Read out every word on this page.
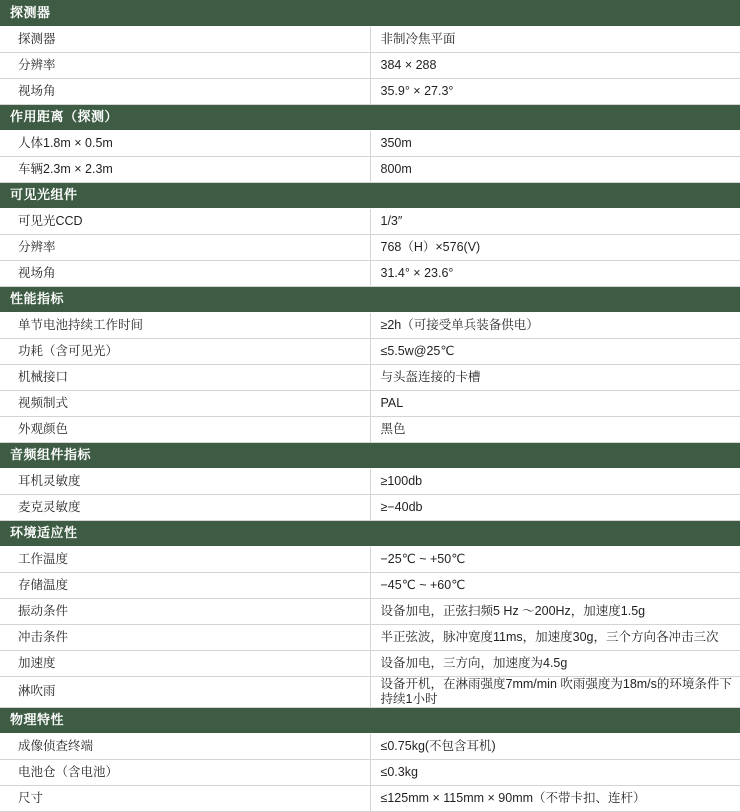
探测器	
探测器	非制冷焦平面
分辨率	384 × 288
视场角	35.9° × 27.3°
作用距离（探测）	
人体1.8m × 0.5m	350m
车辆2.3m × 2.3m	800m
可见光组件	
可见光CCD	1/3″
分辨率	768（H）×576(V)
视场角	31.4° × 23.6°
性能指标	
单节电池持续工作时间	≥2h（可接受单兵装备供电）
功耗（含可见光）	≤5.5w@25℃
机械接口	与头盔连接的卡槽
视频制式	PAL
外观颜色	黑色
音频组件指标	
耳机灵敏度	≥100db
麦克灵敏度	≥−40db
环境适应性	
工作温度	−25℃ ~ +50℃
存储温度	−45℃ ~ +60℃
振动条件	设备加电，正弦扫频5 Hz ～200Hz，加速度1.5g
冲击条件	半正弦波，脉冲宽度11ms，加速度30g，三个方向各冲击三次
加速度	设备加电，三方向，加速度为4.5g
淋吹雨	设备开机，在淋雨强度7mm/min 吹雨强度为18m/s的环境条件下持续1小时
物理特性	
成像侦查终端	≤0.75kg(不包含耳机)
电池仓（含电池）	≤0.3kg
尺寸	≤125mm × 115mm × 90mm（不带卡扣、连杆）
